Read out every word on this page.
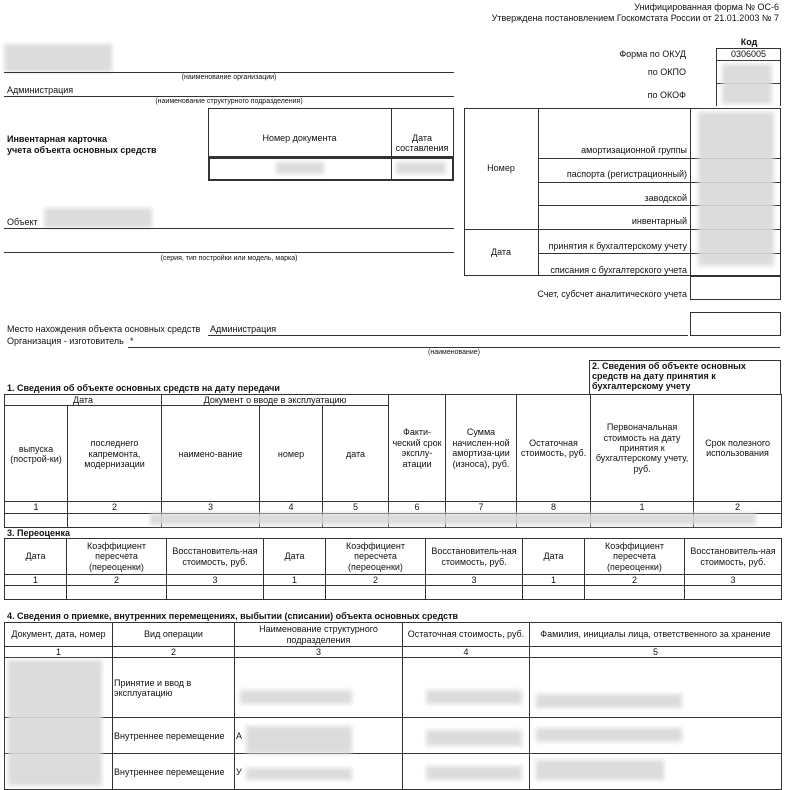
Унифицированная форма № ОС-6
Утверждена постановлением Госкомстата России от 21.01.2003 № 7
Код
Форма по ОКУД	0306005
по ОКПО
по ОКОФ
(наименование организации)
Администрация
(наименование структурного подразделения)
Инвентарная карточка
учета объекта основных средств
Номер документа	Дата составления
Объект
(серия, тип постройки или модель, марка)
Номер
Дата
амортизационной группы
паспорта (регистрационный)
заводской
инвентарный
принятия к бухгалтерскому учету
списания с бухгалтерского учета
Счет, субсчет аналитического учета
Место нахождения объекта основных средств Администрация
Организация - изготовитель *
(наименование)
1. Сведения об объекте основных средств на дату передачи
2. Сведения об объекте основных средств на дату принятия к бухгалтерскому учету
Дата		Документ о вводе в эксплуатацию			Факти-ческий срок эксплу-атации	Сумма начислен-ной амортиза-ции (износа), руб.	Остаточная стоимость, руб.	Первоначальная стоимость на дату принятия к бухгалтерскому учету, руб.	Срок полезного использования
выпуска (построй-ки)	последнего капремонта, модернизации	наимено-вание	номер	дата					
1	2	3	4	5	6	7	8	1	2

3. Переоценка
Дата	Коэффициент пересчета (переоценки)	Восстановитель-ная стоимость, руб.	Дата	Коэффициент пересчета (переоценки)	Восстановитель-ная стоимость, руб.	Дата	Коэффициент пересчета (переоценки)	Восстановитель-ная стоимость, руб.
1	2	3	1	2	3	1	2	3

4. Сведения о приемке, внутренних перемещениях, выбытии (списании) объекта основных средств
Документ, дата, номер	Вид операции	Наименование структурного подразделения	Остаточная стоимость, руб.	Фамилия, инициалы лица, ответственного за хранение
1	2	3	4	5
	Принятие и ввод в эксплуатацию			
	Внутреннее перемещение	А		
	Внутреннее перемещение	У		
